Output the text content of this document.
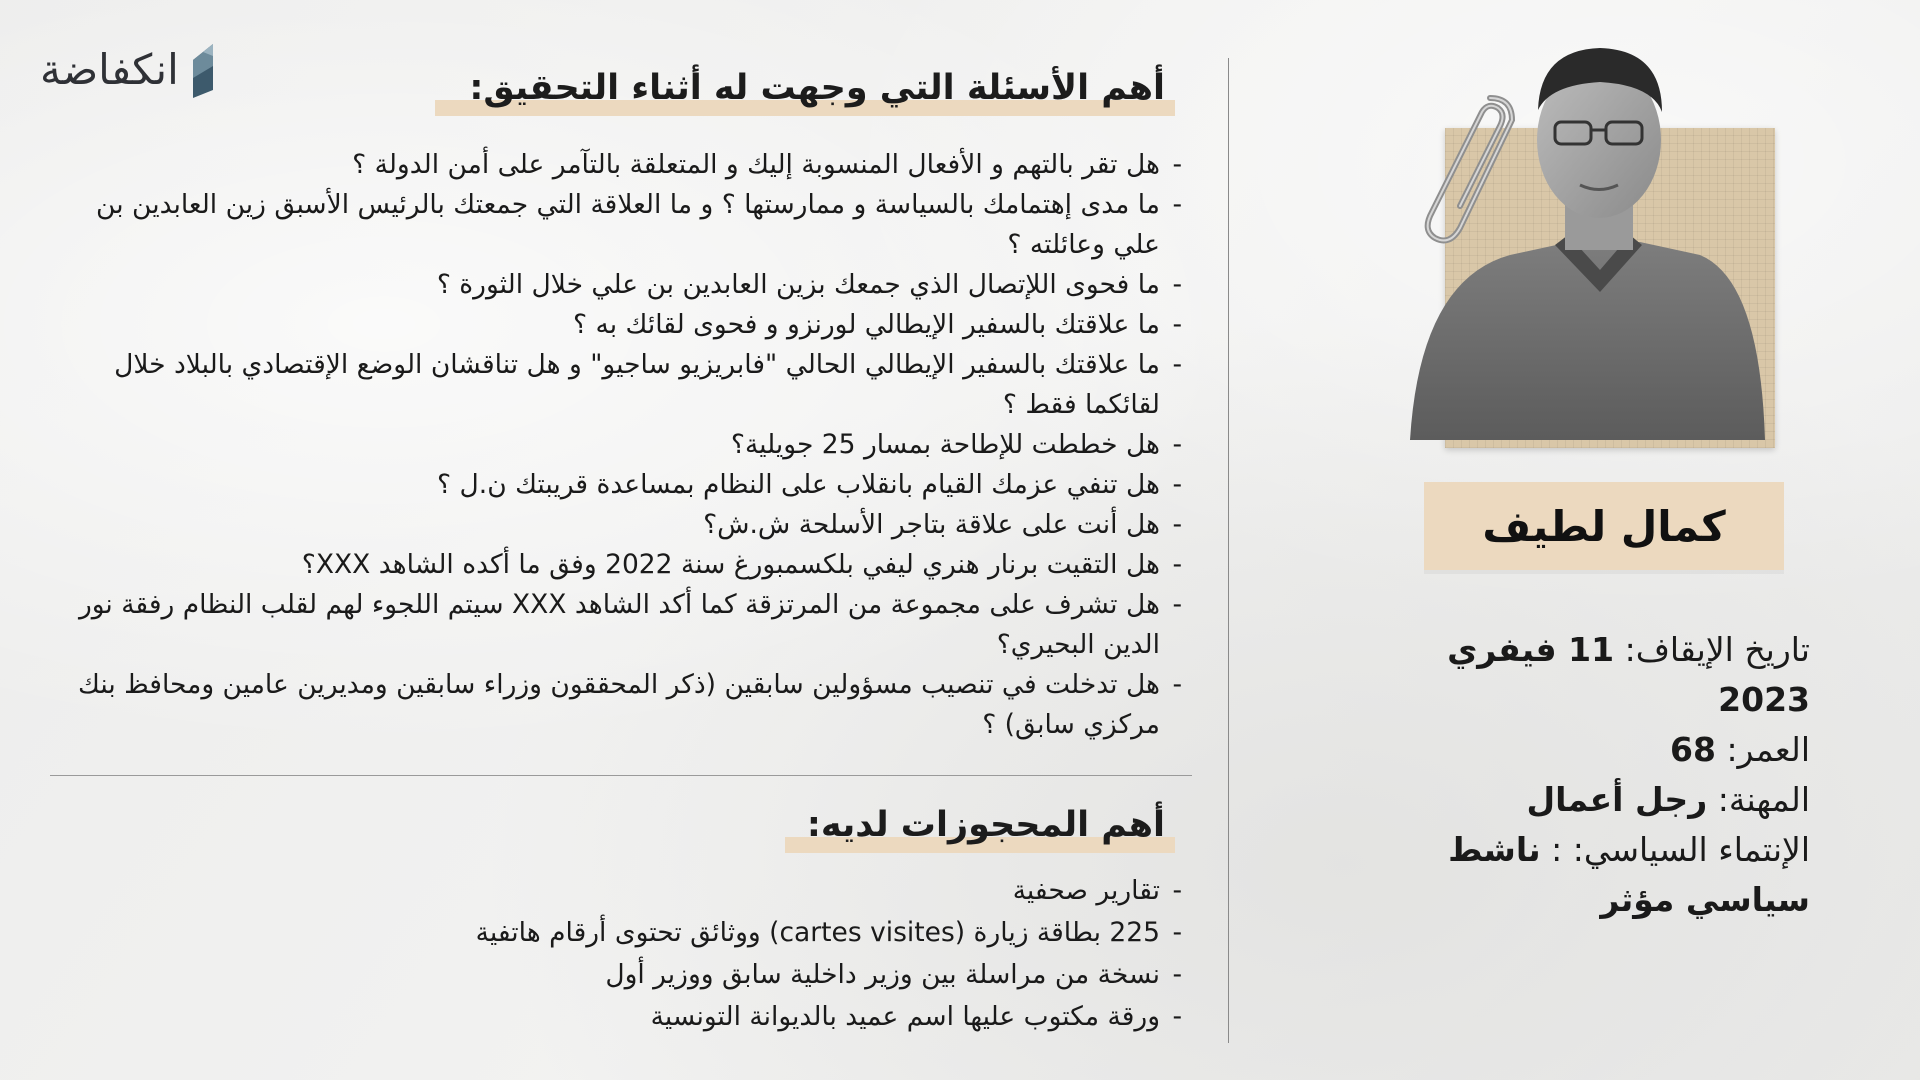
انكفاضة	أهم الأسئلة التي وجهت له أثناء التحقيق:
- هل تقر بالتهم و الأفعال المنسوبة إليك و المتعلقة بالتآمر على أمن الدولة ؟
- ما مدى إهتمامك بالسياسة و ممارستها ؟ و ما العلاقة التي جمعتك بالرئيس الأسبق زين العابدين بن علي وعائلته ؟
- ما فحوى اللإتصال الذي جمعك بزين العابدين بن علي خلال الثورة ؟
- ما علاقتك بالسفير الإيطالي لورنزو و فحوى لقائك به ؟
- ما علاقتك بالسفير الإيطالي الحالي "فابريزيو ساجيو" و هل تناقشان الوضع الإقتصادي بالبلاد خلال لقائكما فقط ؟
- هل خططت للإطاحة بمسار 25 جويلية؟
- هل تنفي عزمك القيام بانقلاب على النظام بمساعدة قريبتك ن.ل ؟
- هل أنت على علاقة بتاجر الأسلحة ش.ش؟
- هل التقيت برنار هنري ليفي بلكسمبورغ سنة 2022 وفق ما أكده الشاهد XXX؟
- هل تشرف على مجموعة من المرتزقة كما أكد الشاهد XXX سيتم اللجوء لهم لقلب النظام رفقة نور الدين البحيري؟
- هل تدخلت في تنصيب مسؤولين سابقين (ذكر المحققون وزراء سابقين ومديرين عامين ومحافظ بنك مركزي سابق) ؟
أهم المحجوزات لديه:
- تقارير صحفية
- 225 بطاقة زيارة (cartes visites) ووثائق تحتوى أرقام هاتفية
- نسخة من مراسلة بين وزير داخلية سابق ووزير أول
- ورقة مكتوب عليها اسم عميد بالديوانة التونسية
كمال لطيف

تاريخ الإيقاف: 11 فيفري 2023

العمر: 68

المهنة: رجل أعمال

الإنتماء السياسي: : ناشط سياسي مؤثر
